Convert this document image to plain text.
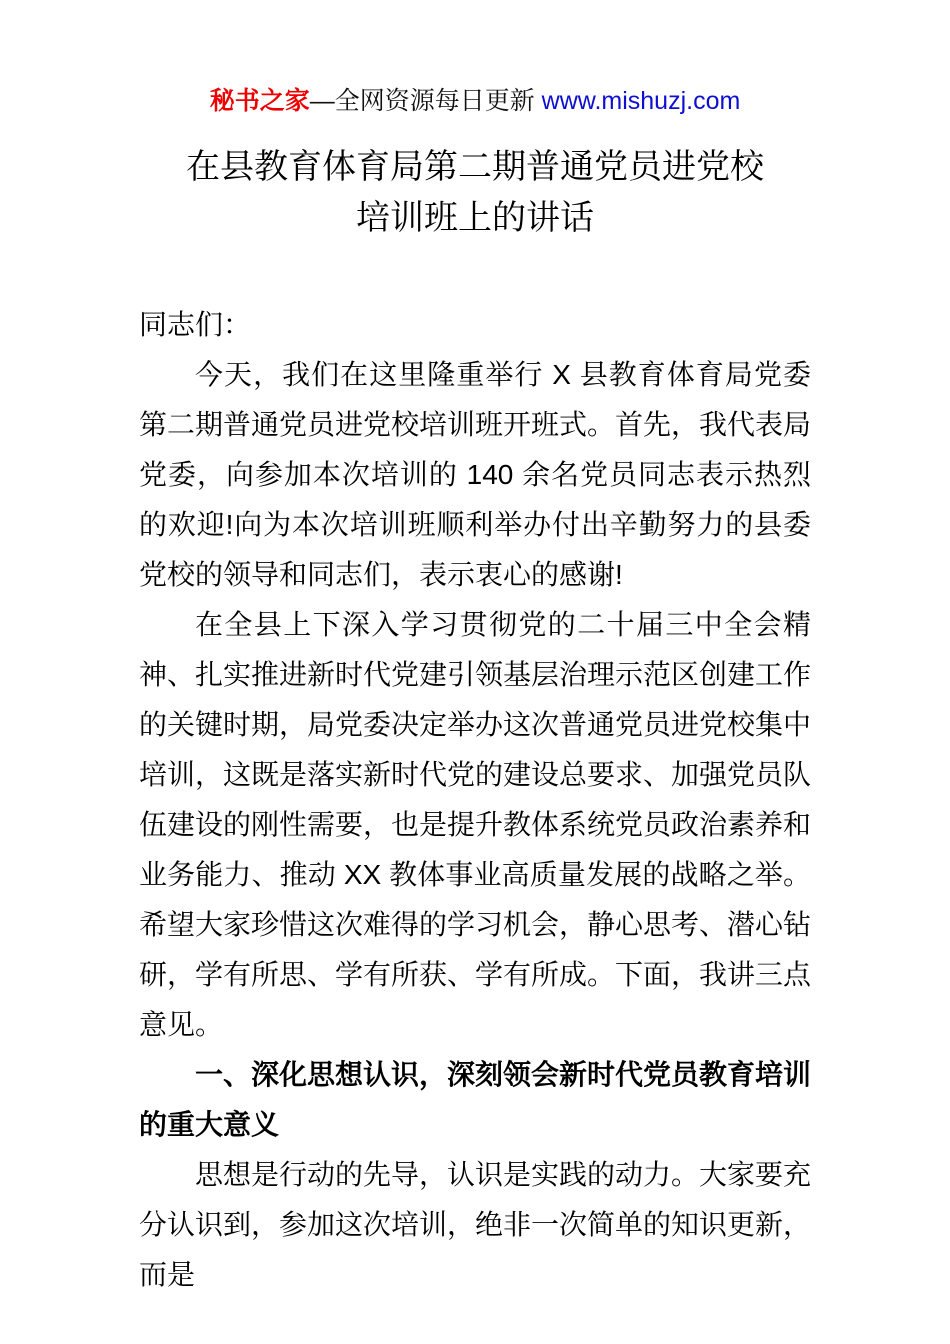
秘书之家—全网资源每日更新 www.mishuzj.com
在县教育体育局第二期普通党员进党校
培训班上的讲话

同志们：

今天，我们在这里隆重举行 X 县教育体育局党委第二期普通党员进党校培训班开班式。首先，我代表局党委，向参加本次培训的 140 余名党员同志表示热烈的欢迎!向为本次培训班顺利举办付出辛勤努力的县委党校的领导和同志们，表示衷心的感谢!

在全县上下深入学习贯彻党的二十届三中全会精神、扎实推进新时代党建引领基层治理示范区创建工作的关键时期，局党委决定举办这次普通党员进党校集中培训，这既是落实新时代党的建设总要求、加强党员队伍建设的刚性需要，也是提升教体系统党员政治素养和业务能力、推动 XX 教体事业高质量发展的战略之举。希望大家珍惜这次难得的学习机会，静心思考、潜心钻研，学有所思、学有所获、学有所成。下面，我讲三点意见。

一、深化思想认识，深刻领会新时代党员教育培训的重大意义

思想是行动的先导，认识是实践的动力。大家要充分认识到，参加这次培训，绝非一次简单的知识更新，而是
